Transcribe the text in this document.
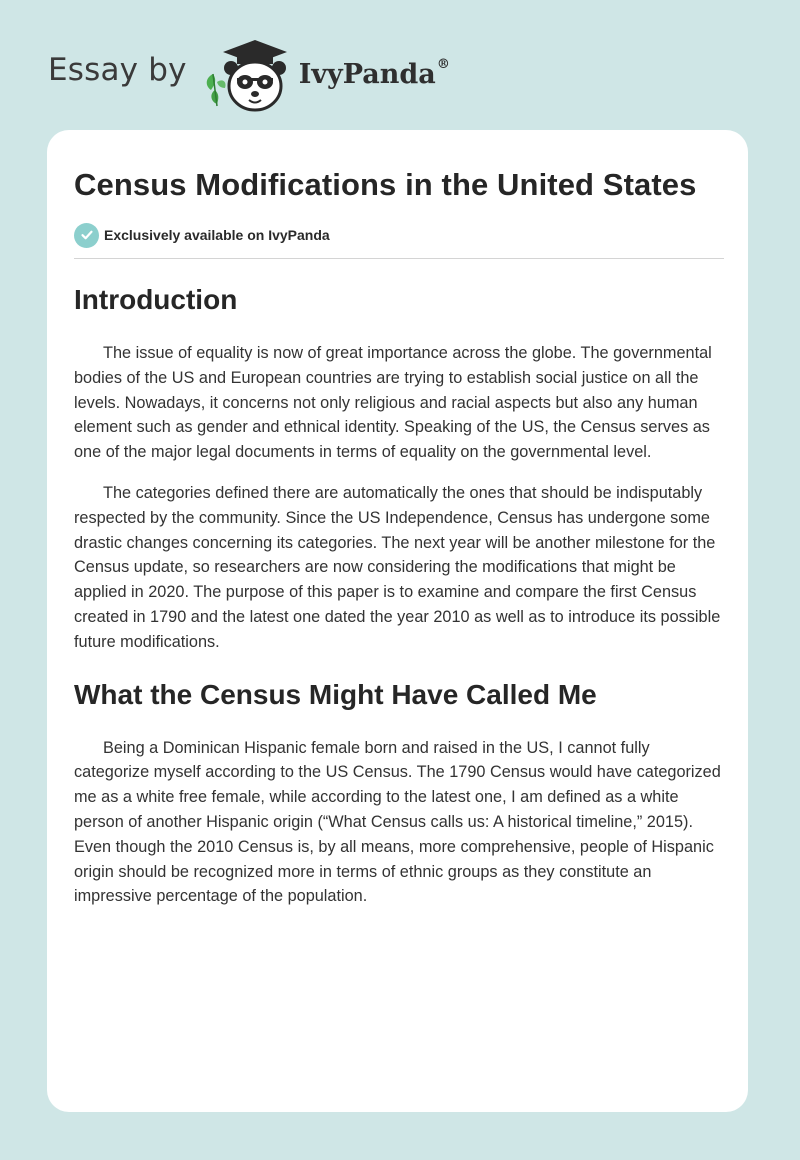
Essay by	IvyPanda®
Census Modifications in the United States
Exclusively available on IvyPanda
Introduction

The issue of equality is now of great importance across the globe. The governmental bodies of the US and European countries are trying to establish social justice on all the levels. Nowadays, it concerns not only religious and racial aspects but also any human element such as gender and ethnical identity. Speaking of the US, the Census serves as one of the major legal documents in terms of equality on the governmental level.

The categories defined there are automatically the ones that should be indisputably respected by the community. Since the US Independence, Census has undergone some drastic changes concerning its categories. The next year will be another milestone for the Census update, so researchers are now considering the modifications that might be applied in 2020. The purpose of this paper is to examine and compare the first Census created in 1790 and the latest one dated the year 2010 as well as to introduce its possible future modifications.

What the Census Might Have Called Me

Being a Dominican Hispanic female born and raised in the US, I cannot fully categorize myself according to the US Census. The 1790 Census would have categorized me as a white free female, while according to the latest one, I am defined as a white person of another Hispanic origin (“What Census calls us: A historical timeline,” 2015). Even though the 2010 Census is, by all means, more comprehensive, people of Hispanic origin should be recognized more in terms of ethnic groups as they constitute an impressive percentage of the population.
